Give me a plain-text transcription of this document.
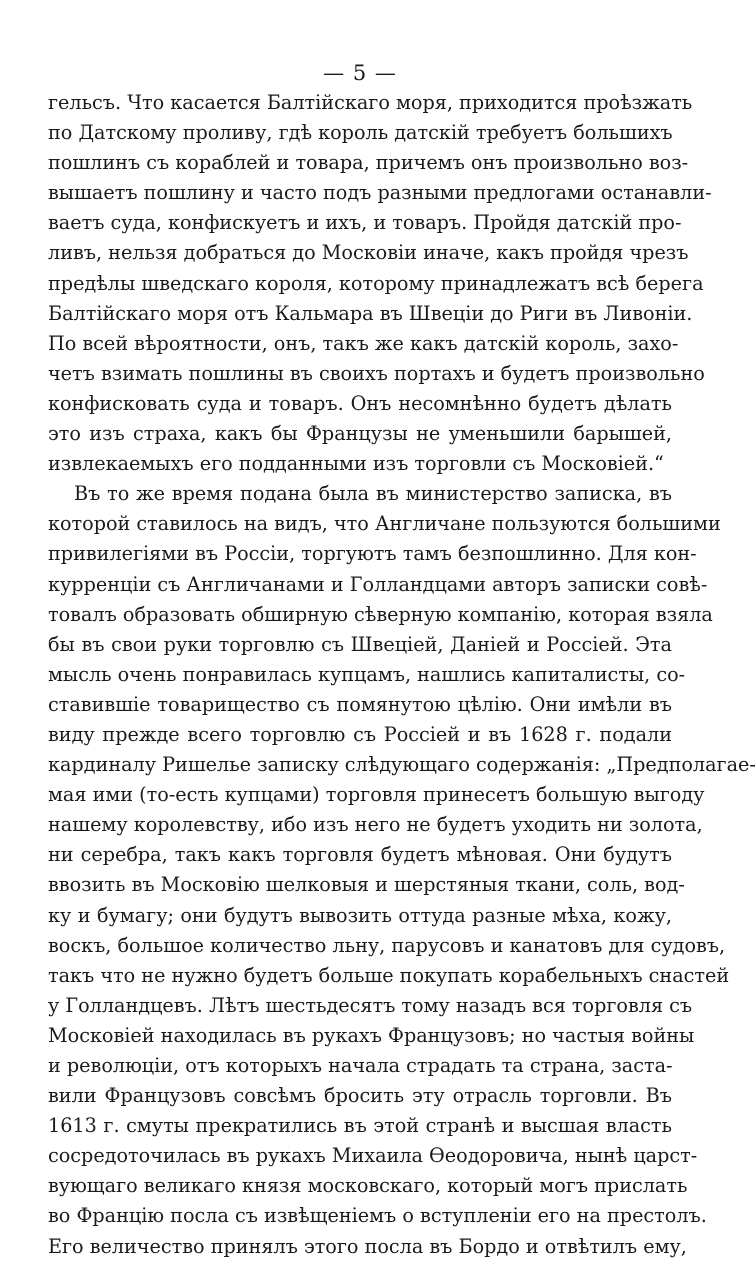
— 5 —
гельсъ. Что касается Балтійскаго моря, приходится проѣзжать
по Датскому проливу, гдѣ король датскій требуетъ большихъ
пошлинъ съ кораблей и товара, причемъ онъ произвольно воз-
вышаетъ пошлину и часто подъ разными предлогами останавли-
ваетъ суда, конфискуетъ и ихъ, и товаръ. Пройдя датскій про-
ливъ, нельзя добраться до Московіи иначе, какъ пройдя чрезъ
предѣлы шведскаго короля, которому принадлежатъ всѣ берега
Балтійскаго моря отъ Кальмара въ Швеціи до Риги въ Ливоніи.
По всей вѣроятности, онъ, такъ же какъ датскій король, захо-
четъ взимать пошлины въ своихъ портахъ и будетъ произвольно
конфисковать суда и товаръ. Онъ несомнѣнно будетъ дѣлать
это изъ страха, какъ бы Французы не уменьшили барышей,
извлекаемыхъ его подданными изъ торговли съ Московіей.“
Въ то же время подана была въ министерство записка, въ
которой ставилось на видъ, что Англичане пользуются большими
привилегіями въ Россіи, торгуютъ тамъ безпошлинно. Для кон-
курренціи съ Англичанами и Голландцами авторъ записки совѣ-
товалъ образовать обширную сѣверную компанію, которая взяла
бы въ свои руки торговлю съ Швеціей, Даніей и Россіей. Эта
мысль очень понравилась купцамъ, нашлись капиталисты, со-
ставившіе товарищество съ помянутою цѣлію. Они имѣли въ
виду прежде всего торговлю съ Россіей и въ 1628 г. подали
кардиналу Ришелье записку слѣдующаго содержанія: „Предполагае-
мая ими (то-есть купцами) торговля принесетъ большую выгоду
нашему королевству, ибо изъ него не будетъ уходить ни золота,
ни серебра, такъ какъ торговля будетъ мѣновая. Они будутъ
ввозить въ Московію шелковыя и шерстяныя ткани, соль, вод-
ку и бумагу; они будутъ вывозить оттуда разные мѣха, кожу,
воскъ, большое количество льну, парусовъ и канатовъ для судовъ,
такъ что не нужно будетъ больше покупать корабельныхъ снастей
у Голландцевъ. Лѣтъ шестьдесятъ тому назадъ вся торговля съ
Московіей находилась въ рукахъ Французовъ; но частыя войны
и революціи, отъ которыхъ начала страдать та страна, заста-
вили Французовъ совсѣмъ бросить эту отрасль торговли. Въ
1613 г. смуты прекратились въ этой странѣ и высшая власть
сосредоточилась въ рукахъ Михаила Ѳеодоровича, нынѣ царст-
вующаго великаго князя московскаго, который могъ прислать
во Францію посла съ извѣщеніемъ о вступленіи его на престолъ.
Его величество принялъ этого посла въ Бордо и отвѣтилъ ему,
